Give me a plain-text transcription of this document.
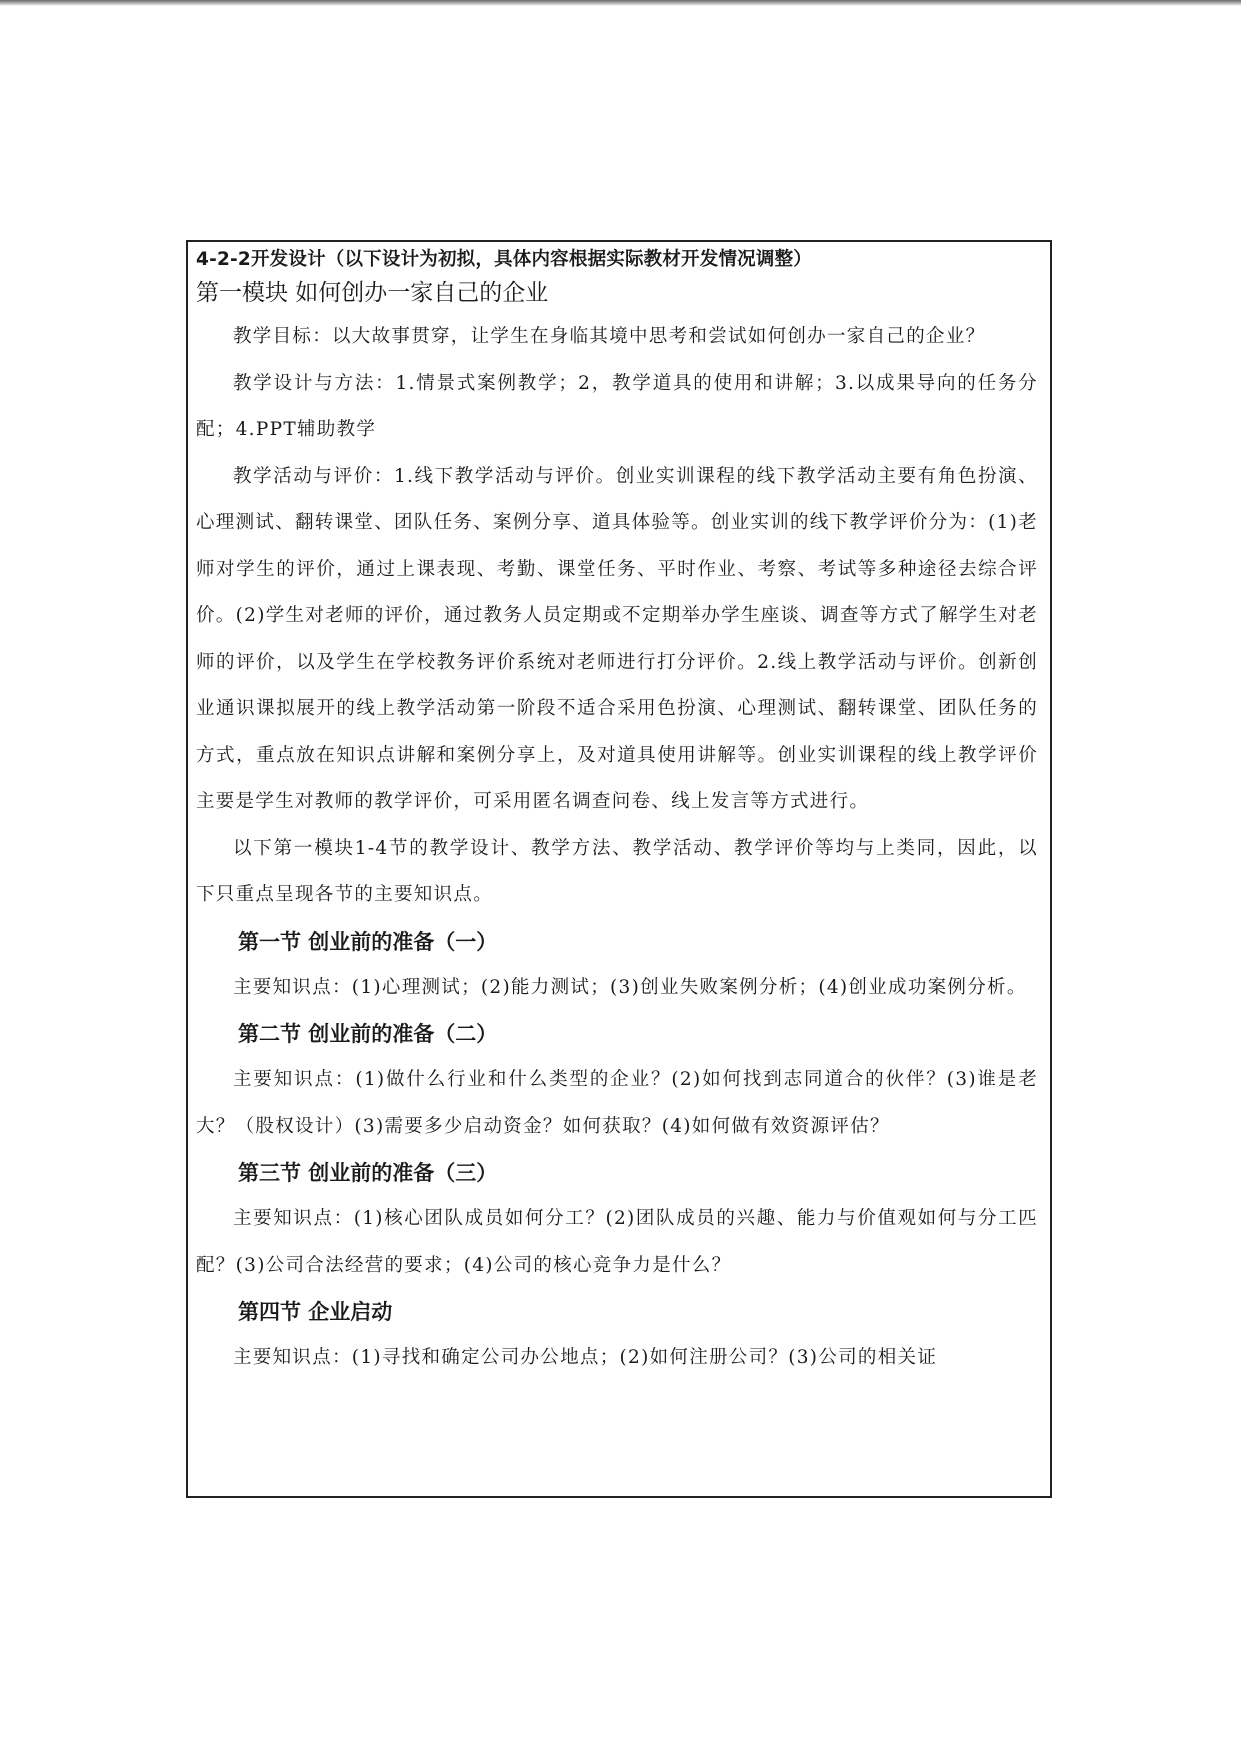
4-2-2开发设计（以下设计为初拟，具体内容根据实际教材开发情况调整）

第一模块 如何创办一家自己的企业

教学目标：以大故事贯穿，让学生在身临其境中思考和尝试如何创办一家自己的企业？

教学设计与方法：1.情景式案例教学；2，教学道具的使用和讲解；3.以成果导向的任务分配；4.PPT辅助教学

教学活动与评价：1.线下教学活动与评价。创业实训课程的线下教学活动主要有角色扮演、心理测试、翻转课堂、团队任务、案例分享、道具体验等。创业实训的线下教学评价分为：(1)老师对学生的评价，通过上课表现、考勤、课堂任务、平时作业、考察、考试等多种途径去综合评价。(2)学生对老师的评价，通过教务人员定期或不定期举办学生座谈、调查等方式了解学生对老师的评价，以及学生在学校教务评价系统对老师进行打分评价。2.线上教学活动与评价。创新创业通识课拟展开的线上教学活动第一阶段不适合采用色扮演、心理测试、翻转课堂、团队任务的方式，重点放在知识点讲解和案例分享上，及对道具使用讲解等。创业实训课程的线上教学评价主要是学生对教师的教学评价，可采用匿名调查问卷、线上发言等方式进行。

以下第一模块1-4节的教学设计、教学方法、教学活动、教学评价等均与上类同，因此，以下只重点呈现各节的主要知识点。

第一节 创业前的准备（一）

主要知识点：(1)心理测试；(2)能力测试；(3)创业失败案例分析；(4)创业成功案例分析。

第二节 创业前的准备（二）

主要知识点：(1)做什么行业和什么类型的企业？(2)如何找到志同道合的伙伴？(3)谁是老大？（股权设计）(3)需要多少启动资金？如何获取？(4)如何做有效资源评估？

第三节 创业前的准备（三）

主要知识点：(1)核心团队成员如何分工？(2)团队成员的兴趣、能力与价值观如何与分工匹配？(3)公司合法经营的要求；(4)公司的核心竞争力是什么？

第四节 企业启动

主要知识点：(1)寻找和确定公司办公地点；(2)如何注册公司？(3)公司的相关证
